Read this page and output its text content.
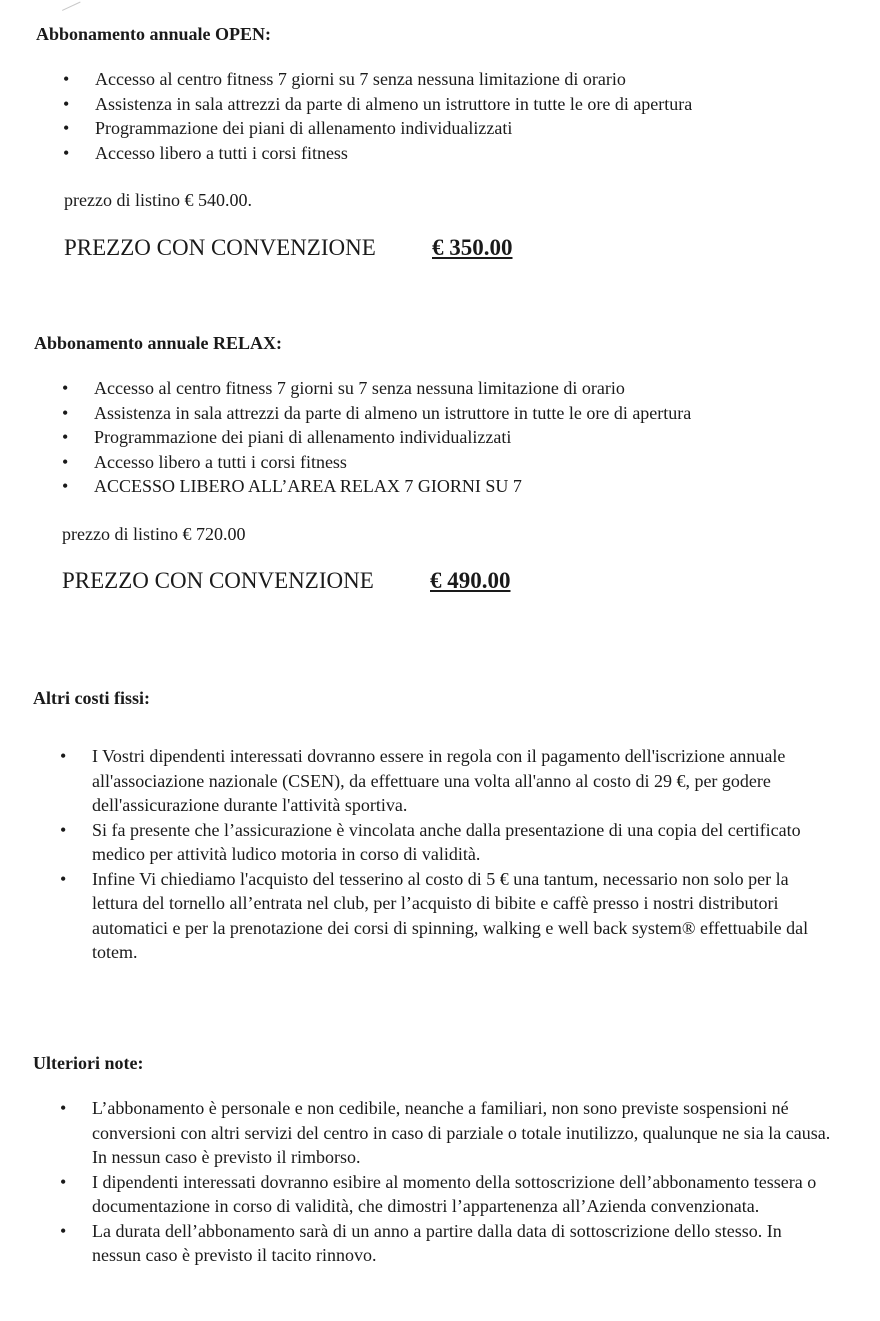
Abbonamento annuale OPEN:
• Accesso al centro fitness 7 giorni su 7 senza nessuna limitazione di orario
• Assistenza in sala attrezzi da parte di almeno un istruttore in tutte le ore di apertura
• Programmazione dei piani di allenamento individualizzati
• Accesso libero a tutti i corsi fitness
prezzo di listino € 540.00.
PREZZO CON CONVENZIONE € 350.00
Abbonamento annuale RELAX:
• Accesso al centro fitness 7 giorni su 7 senza nessuna limitazione di orario
• Assistenza in sala attrezzi da parte di almeno un istruttore in tutte le ore di apertura
• Programmazione dei piani di allenamento individualizzati
• Accesso libero a tutti i corsi fitness
• ACCESSO LIBERO ALL’AREA RELAX 7 GIORNI SU 7
prezzo di listino € 720.00
PREZZO CON CONVENZIONE € 490.00
Altri costi fissi:
• I Vostri dipendenti interessati dovranno essere in regola con il pagamento dell'iscrizione annuale all'associazione nazionale (CSEN), da effettuare una volta all'anno al costo di 29 €, per godere dell'assicurazione durante l'attività sportiva.
• Si fa presente che l’assicurazione è vincolata anche dalla presentazione di una copia del certificato medico per attività ludico motoria in corso di validità.
• Infine Vi chiediamo l'acquisto del tesserino al costo di 5 € una tantum, necessario non solo per la lettura del tornello all’entrata nel club, per l’acquisto di bibite e caffè presso i nostri distributori automatici e per la prenotazione dei corsi di spinning, walking e well back system® effettuabile dal totem.
Ulteriori note:
• L’abbonamento è personale e non cedibile, neanche a familiari, non sono previste sospensioni né conversioni con altri servizi del centro in caso di parziale o totale inutilizzo, qualunque ne sia la causa. In nessun caso è previsto il rimborso.
• I dipendenti interessati dovranno esibire al momento della sottoscrizione dell’abbonamento tessera o documentazione in corso di validità, che dimostri l’appartenenza all’Azienda convenzionata.
• La durata dell’abbonamento sarà di un anno a partire dalla data di sottoscrizione dello stesso. In nessun caso è previsto il tacito rinnovo.
